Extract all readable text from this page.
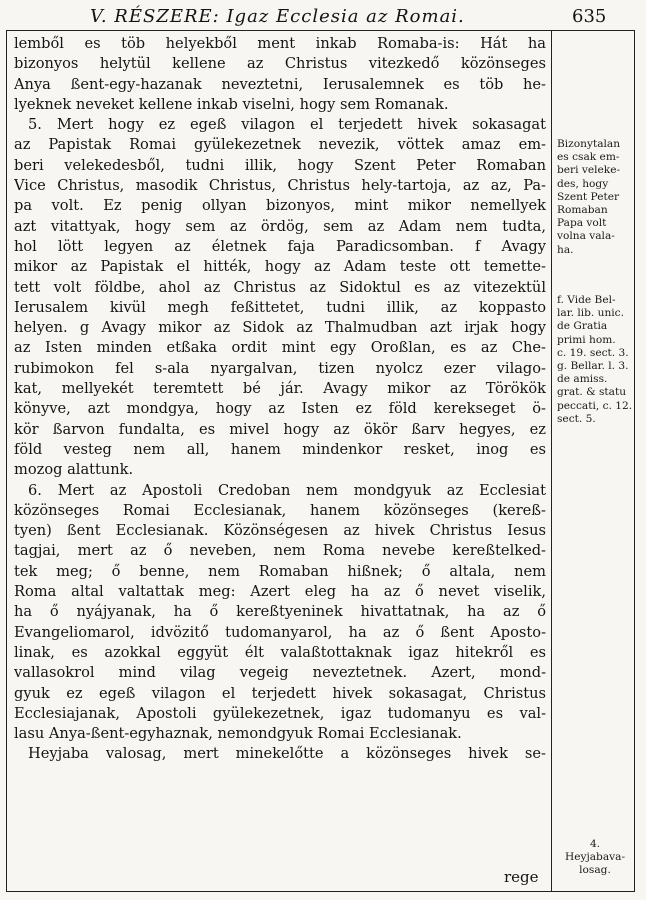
V. RÉSZERE: Igaz Ecclesia az Romai.	635
lemből es töb helyekből ment inkab Romaba-is: Hát ha
bizonyos helytül kellene az Christus vitezkedő közönseges
Anya ßent-egy-hazanak neveztetni, Ierusalemnek es töb he-
lyeknek neveket kellene inkab viselni, hogy sem Romanak.
5. Mert hogy ez egeß vilagon el terjedett hivek sokasagat
az Papistak Romai gyülekezetnek nevezik, vöttek amaz em-
beri velekedesből, tudni illik, hogy Szent Peter Romaban
Vice Christus, masodik Christus, Christus hely-tartoja, az az, Pa-
pa volt. Ez penig ollyan bizonyos, mint mikor nemellyek
azt vitattyak, hogy sem az ördög, sem az Adam nem tudta,
hol lött legyen az életnek faja Paradicsomban. f Avagy
mikor az Papistak el hitték, hogy az Adam teste ott temette-
tett volt földbe, ahol az Christus az Sidoktul es az vitezektül
Ierusalem kivül megh feßittetet, tudni illik, az koppasto
helyen. g Avagy mikor az Sidok az Thalmudban azt irjak hogy
az Isten minden etßaka ordit mint egy Oroßlan, es az Che-
rubimokon fel s-ala nyargalvan, tizen nyolcz ezer vilago-
kat, mellyekét teremtett bé jár. Avagy mikor az Törökök
könyve, azt mondgya, hogy az Isten ez föld kerekseget ö-
kör ßarvon fundalta, es mivel hogy az ökör ßarv hegyes, ez
föld vesteg nem all, hanem mindenkor resket, inog es
mozog alattunk.
6. Mert az Apostoli Credoban nem mondgyuk az Ecclesiat
közönseges Romai Ecclesianak, hanem közönseges (kereß-
tyen) ßent Ecclesianak. Közönségesen az hivek Christus Iesus
tagjai, mert az ő neveben, nem Roma nevebe kereßtelked-
tek meg; ő benne, nem Romaban hißnek; ő altala, nem
Roma altal valtattak meg: Azert eleg ha az ő nevet viselik,
ha ő nyájyanak, ha ő kereßtyeninek hivattatnak, ha az ő
Evangeliomarol, idvözitő tudomanyarol, ha az ő ßent Aposto-
linak, es azokkal eggyüt élt valaßtottaknak igaz hitekről es
vallasokrol mind vilag vegeig neveztetnek. Azert, mond-
gyuk ez egeß vilagon el terjedett hivek sokasagat, Christus
Ecclesiajanak, Apostoli gyülekezetnek, igaz tudomanyu es val-
lasu Anya-ßent-egyhaznak, nemondgyuk Romai Ecclesianak.
Heyjaba valosag, mert minekelőtte a közönseges hivek se-
rege
Bizonytalan
es csak em-
beri veleke-
des, hogy
Szent Peter
Romaban
Papa volt
volna vala-
ha.
f. Vide Bel-
lar. lib. unic.
de Gratia
primi hom.
c. 19. sect. 3.
g. Bellar. l. 3.
de amiss.
grat. & statu
peccati, c. 12.
sect. 5.
4.
Heyjabava-
losag.
